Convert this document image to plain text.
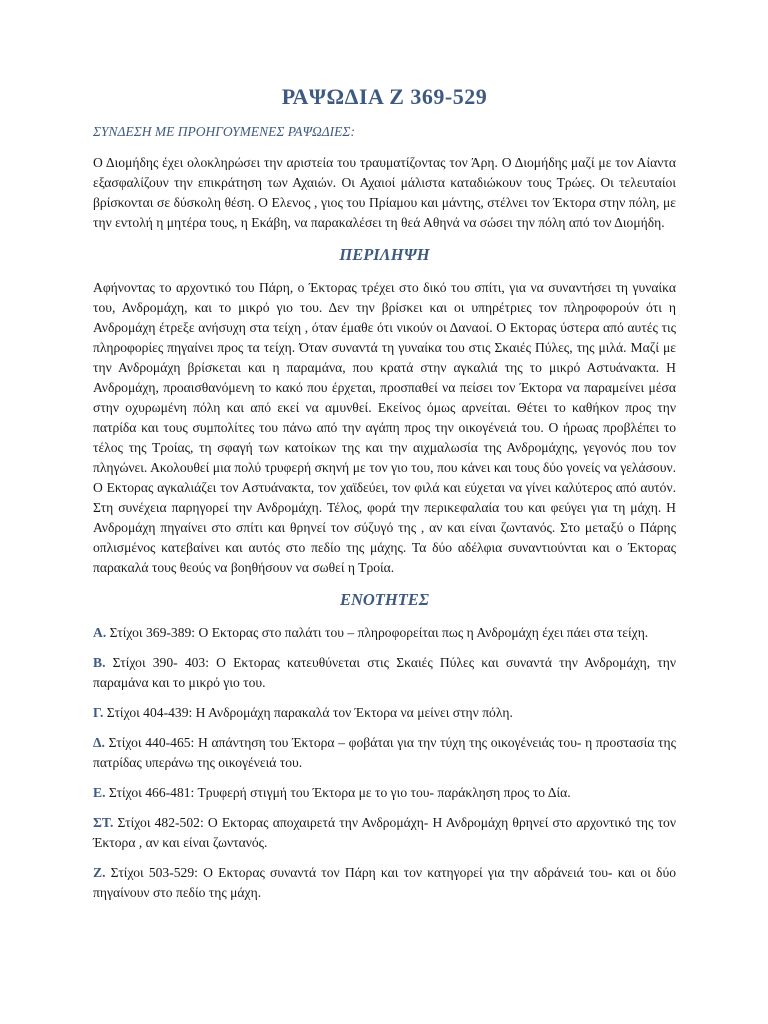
ΡΑΨΩΔΙΑ Ζ 369-529
ΣΥΝΔΕΣΗ ΜΕ ΠΡΟΗΓΟΥΜΕΝΕΣ ΡΑΨΩΔΙΕΣ:

Ο Διομήδης έχει ολοκληρώσει την αριστεία του τραυματίζοντας τον Άρη. Ο Διομήδης μαζί με τον Αίαντα εξασφαλίζουν την επικράτηση των Αχαιών. Οι Αχαιοί μάλιστα καταδιώκουν τους Τρώες. Οι τελευταίοι βρίσκονται σε δύσκολη θέση. Ο Ελενος , γιος του Πρίαμου και μάντης, στέλνει τον Έκτορα στην πόλη, με την εντολή η μητέρα τους, η Εκάβη, να παρακαλέσει τη θεά Αθηνά να σώσει την πόλη από τον Διομήδη.

ΠΕΡΙΛΗΨΗ

Αφήνοντας το αρχοντικό του Πάρη, ο Έκτορας τρέχει στο δικό του σπίτι, για να συναντήσει τη γυναίκα του, Ανδρομάχη, και το μικρό γιο του. Δεν την βρίσκει και οι υπηρέτριες τον πληροφορούν ότι η Ανδρομάχη έτρεξε ανήσυχη στα τείχη , όταν έμαθε ότι νικούν οι Δαναοί. Ο Εκτορας ύστερα από αυτές τις πληροφορίες πηγαίνει προς τα τείχη. Όταν συναντά τη γυναίκα του στις Σκαιές Πύλες, της μιλά. Μαζί με την Ανδρομάχη βρίσκεται και η παραμάνα, που κρατά στην αγκαλιά της το μικρό Αστυάνακτα. Η Ανδρομάχη, προαισθανόμενη το κακό που έρχεται, προσπαθεί να πείσει τον Έκτορα να παραμείνει μέσα στην οχυρωμένη πόλη και από εκεί να αμυνθεί. Εκείνος όμως αρνείται. Θέτει το καθήκον προς την πατρίδα και τους συμπολίτες του πάνω από την αγάπη προς την οικογένειά του. Ο ήρωας προβλέπει το τέλος της Τροίας, τη σφαγή των κατοίκων της και την αιχμαλωσία της Ανδρομάχης, γεγονός που τον πληγώνει. Ακολουθεί μια πολύ τρυφερή σκηνή με τον γιο του, που κάνει και τους δύο γονείς να γελάσουν. Ο Εκτορας αγκαλιάζει τον Αστυάνακτα, τον χαϊδεύει, τον φιλά και εύχεται να γίνει καλύτερος από αυτόν. Στη συνέχεια παρηγορεί την Ανδρομάχη. Τέλος, φορά την περικεφαλαία του και φεύγει για τη μάχη. Η Ανδρομάχη πηγαίνει στο σπίτι και θρηνεί τον σύζυγό της , αν και είναι ζωντανός. Στο μεταξύ ο Πάρης οπλισμένος κατεβαίνει και αυτός στο πεδίο της μάχης. Τα δύο αδέλφια συναντιούνται και ο Έκτορας παρακαλά τους θεούς να βοηθήσουν να σωθεί η Τροία.

ΕΝΟΤΗΤΕΣ

Α. Στίχοι 369-389: Ο Εκτορας στο παλάτι του – πληροφορείται πως η Ανδρομάχη έχει πάει στα τείχη.

Β. Στίχοι 390- 403: Ο Εκτορας κατευθύνεται στις Σκαιές Πύλες και συναντά την Ανδρομάχη, την παραμάνα και το μικρό γιο του.

Γ. Στίχοι 404-439: Η Ανδρομάχη παρακαλά τον Έκτορα να μείνει στην πόλη.

Δ. Στίχοι 440-465: Η απάντηση του Έκτορα – φοβάται για την τύχη της οικογένειάς του- η προστασία της πατρίδας υπεράνω της οικογένειά του.

Ε. Στίχοι 466-481: Τρυφερή στιγμή του Έκτορα με το γιο του- παράκληση προς το Δία.

ΣΤ. Στίχοι 482-502: Ο Εκτορας αποχαιρετά την Ανδρομάχη- Η Ανδρομάχη θρηνεί στο αρχοντικό της τον Έκτορα , αν και είναι ζωντανός.

Ζ. Στίχοι 503-529: Ο Εκτορας συναντά τον Πάρη και τον κατηγορεί για την αδράνειά του- και οι δύο πηγαίνουν στο πεδίο της μάχη.
